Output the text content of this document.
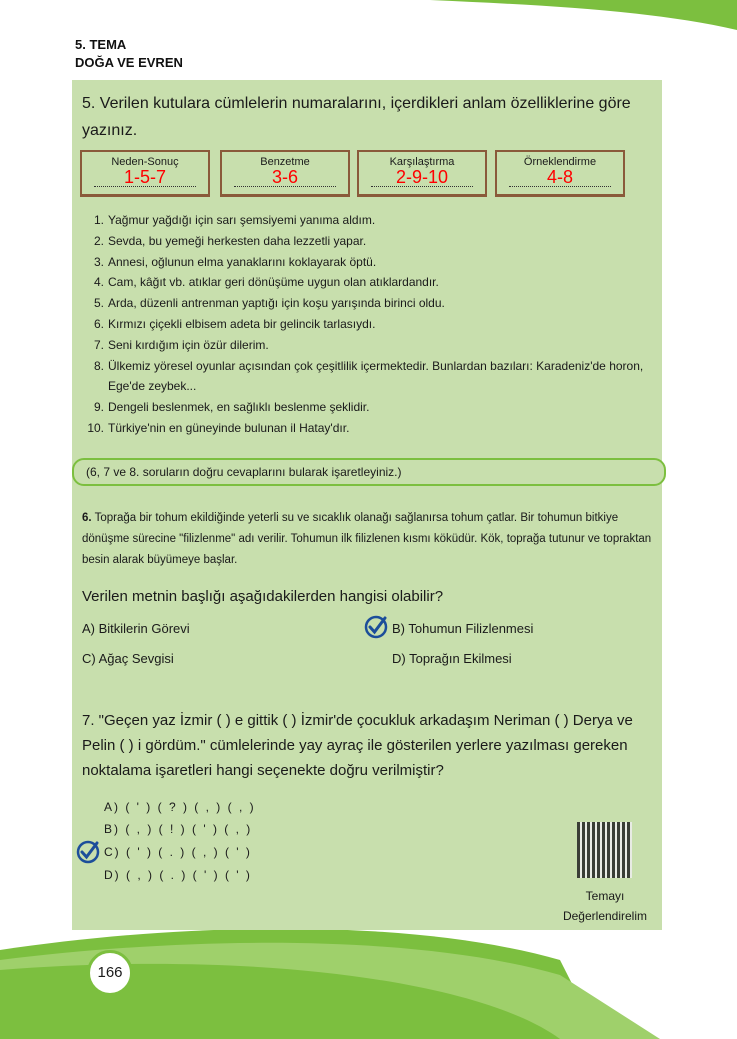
5. TEMA
DOĞA VE EVREN
5. Verilen kutulara cümlelerin numaralarını, içerdikleri anlam özelliklerine göre yazınız.
Neden-Sonuç
1-5-7
Benzetme
3-6
Karşılaştırma
2-9-10
Örneklendirme
4-8
1. Yağmur yağdığı için sarı şemsiyemi yanıma aldım.
2. Sevda, bu yemeği herkesten daha lezzetli yapar.
3. Annesi, oğlunun elma yanaklarını koklayarak öptü.
4. Cam, kâğıt vb. atıklar geri dönüşüme uygun olan atıklardandır.
5. Arda, düzenli antrenman yaptığı için koşu yarışında birinci oldu.
6. Kırmızı çiçekli elbisem adeta bir gelincik tarlasıydı.
7. Seni kırdığım için özür dilerim.
8. Ülkemiz yöresel oyunlar açısından çok çeşitlilik içermektedir. Bunlardan bazıları: Karadeniz'de horon, Ege'de zeybek...
9. Dengeli beslenmek, en sağlıklı beslenme şeklidir.
10. Türkiye'nin en güneyinde bulunan il Hatay'dır.
(6, 7 ve 8. soruların doğru cevaplarını bularak işaretleyiniz.)
6. Toprağa bir tohum ekildiğinde yeterli su ve sıcaklık olanağı sağlanırsa tohum çatlar. Bir tohumun bitkiye dönüşme sürecine "filizlenme" adı verilir. Tohumun ilk filizlenen kısmı köküdür. Kök, toprağa tutunur ve topraktan besin alarak büyümeye başlar.
Verilen metnin başlığı aşağıdakilerden hangisi olabilir?
A) Bitkilerin Görevi	B) Tohumun Filizlenmesi
C) Ağaç Sevgisi	D) Toprağın Ekilmesi
7. "Geçen yaz İzmir ( ) e gittik ( ) İzmir'de çocukluk arkadaşım Neriman ( ) Derya ve Pelin ( ) i gördüm." cümlelerinde yay ayraç ile gösterilen yerlere yazılması gereken noktalama işaretleri hangi seçenekte doğru verilmiştir?
A) ( ' ) ( ? ) ( , ) ( , )
B) ( , ) ( ! ) ( ' ) ( , )
C) ( ' ) ( . ) ( , ) ( ' )
D) ( , ) ( . ) ( ' ) ( ' )
Temayı
Değerlendirelim
166
